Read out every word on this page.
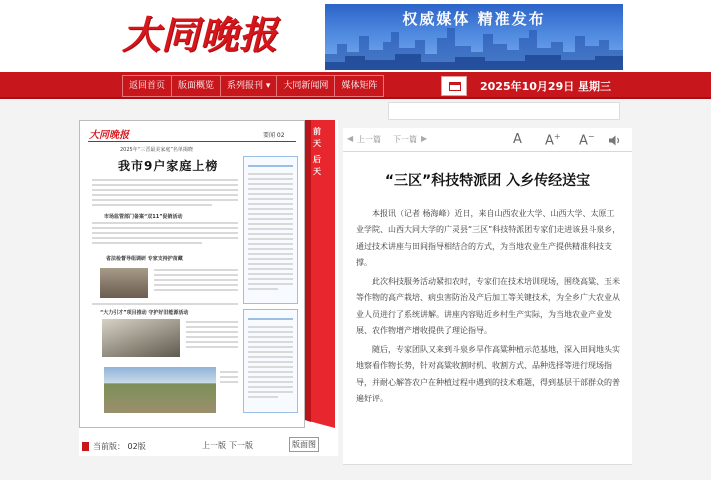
大同晚报	权威媒体 精准发布
返回首页	版面概览	系列报刊 ▾	大同新闻网	媒体矩阵	2025年10月29日 星期三
大同晚报	要闻 02
2025年“三晋最美家庭”名单揭晓
我市9户家庭上榜
市场监管部门备案“双11”促销活动
省法检督导组调研 专家支持护苗藏
“大力引才”项目推动 守护好旧能源活动
前
天
后
天
当前版： 02版	上一版 下一版	版面图
◀ 上一篇 下一篇 ▶	A A+ A−
“三区”科技特派团 入乡传经送宝

本报讯（记者 杨海峰）近日，来自山西农业大学、山西大学、太原工业学院、山西大同大学的广灵县“三区”科技特派团专家们走进该县斗泉乡，通过技术讲座与田间指导相结合的方式，为当地农业生产提供精准科技支撑。

此次科技服务活动紧扣农时，专家们在技术培训现场，围绕高粱、玉米等作物的高产栽培、病虫害防治及产后加工等关键技术，为全乡广大农业从业人员进行了系统讲解。讲座内容贴近乡村生产实际，为当地农业产业发展、农作物增产增收提供了理论指导。

随后，专家团队又来到斗泉乡旱作高粱种植示范基地，深入田间地头实地察看作物长势，针对高粱收割时机、收割方式、品种选择等进行现场指导，并耐心解答农户在种植过程中遇到的技术难题，得到基层干部群众的普遍好评。
